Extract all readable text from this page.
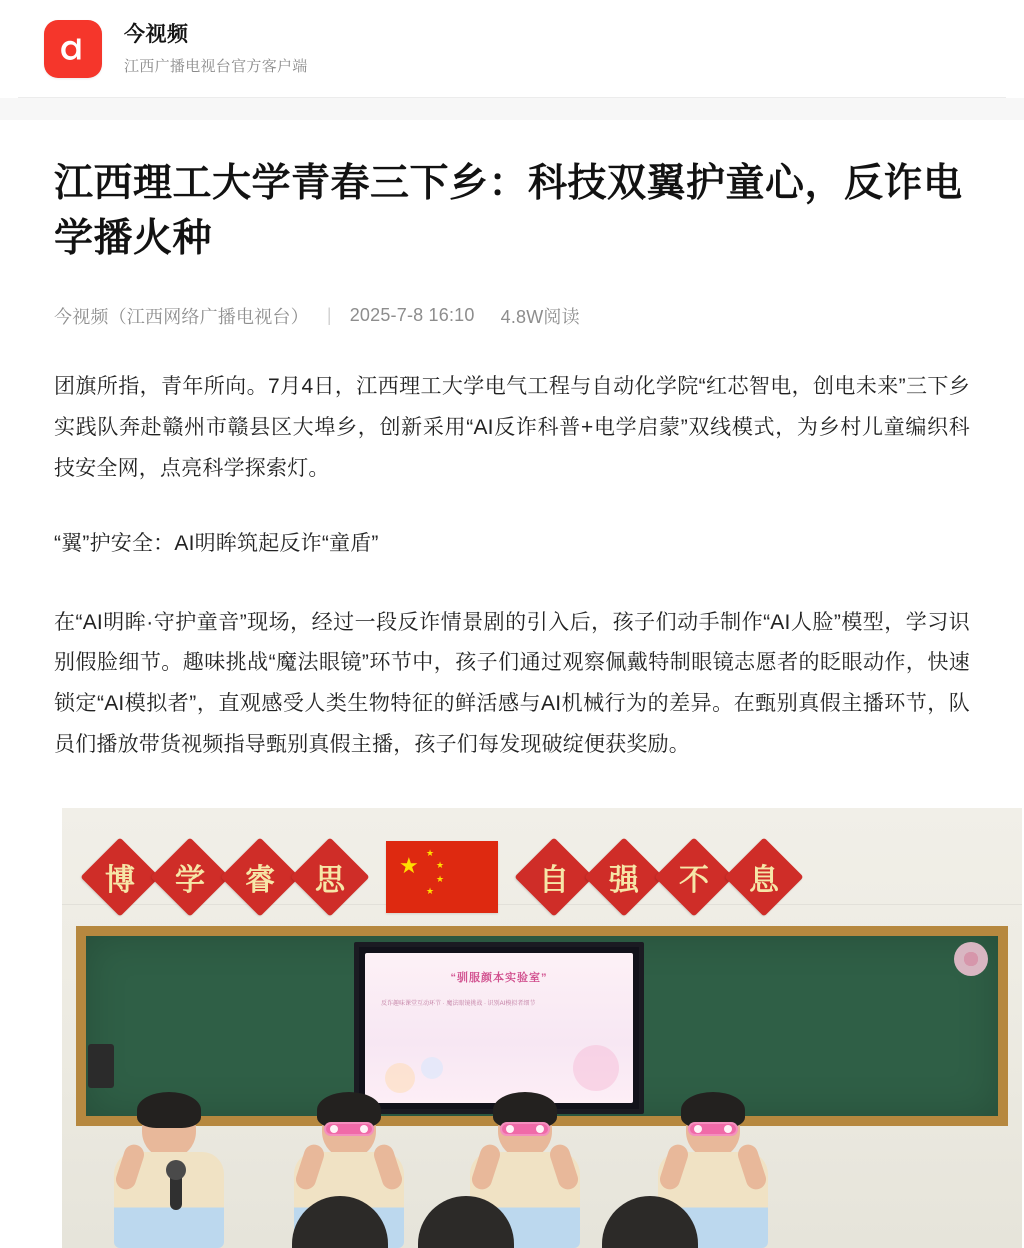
今视频
江西广播电视台官方客户端
江西理工大学青春三下乡：科技双翼护童心，反诈电学播火种
今视频（江西网络广播电视台） | 2025-7-8 16:10 4.8W阅读

团旗所指，青年所向。7月4日，江西理工大学电气工程与自动化学院“红芯智电，创电未来”三下乡实践队奔赴赣州市赣县区大埠乡，创新采用“AI反诈科普+电学启蒙”双线模式，为乡村儿童编织科技安全网，点亮科学探索灯。

“翼”护安全：AI明眸筑起反诈“童盾”

在“AI明眸·守护童音”现场，经过一段反诈情景剧的引入后，孩子们动手制作“AI人脸”模型，学习识别假脸细节。趣味挑战“魔法眼镜”环节中，孩子们通过观察佩戴特制眼镜志愿者的眨眼动作，快速锁定“AI模拟者”，直观感受人类生物特征的鲜活感与AI机械行为的差异。在甄别真假主播环节，队员们播放带货视频指导甄别真假主播，孩子们每发现破绽便获奖励。

博 学 睿 思 ★ ★
★
★
★	自 强 不 息
“驯服颜本实验室”
反诈趣味课堂互动环节 · 魔法眼镜挑战 · 识别AI模拟者细节
